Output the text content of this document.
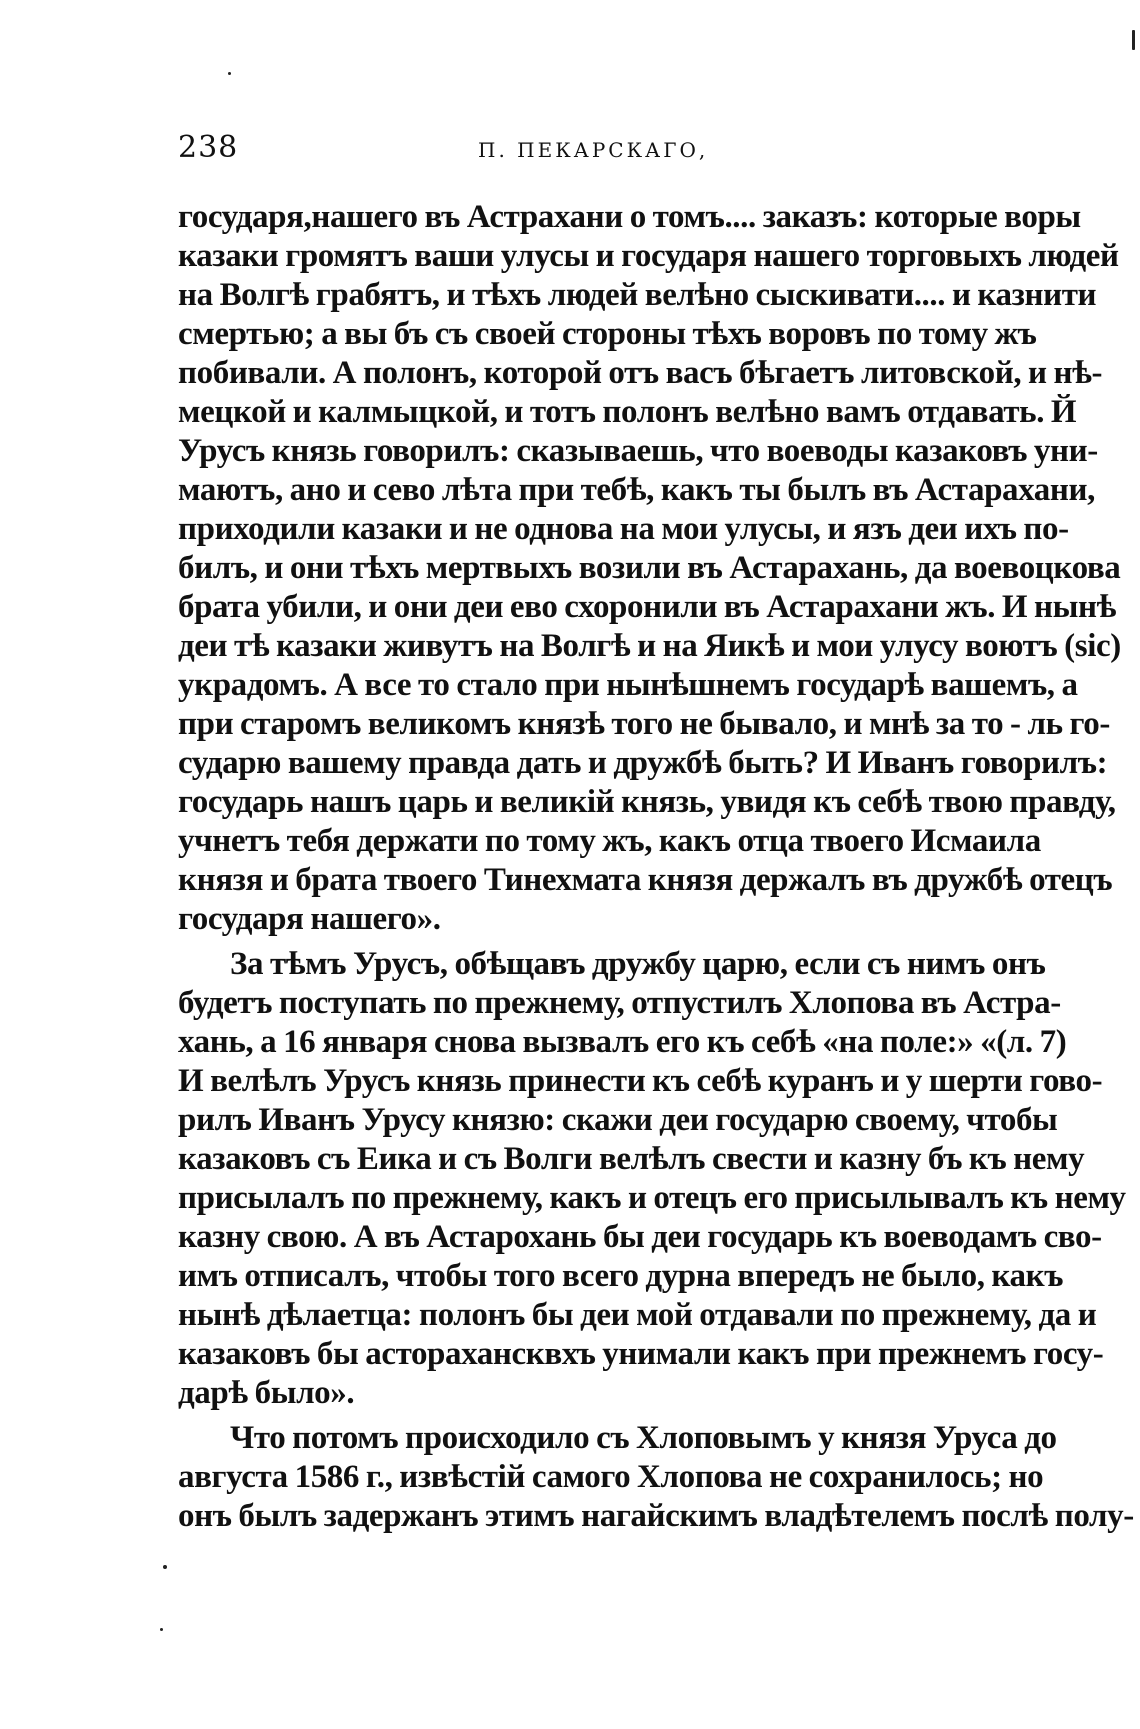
238	П. ПЕКАРСКАГО,
государя,нашего въ Астрахани о томъ.... заказъ: которые воры
казаки громятъ ваши улусы и государя нашего торговыхъ людей
на Волгѣ грабятъ, и тѣхъ людей велѣно сыскивати.... и казнити
смертью; а вы бъ съ своей стороны тѣхъ воровъ по тому жъ
побивали. А полонъ, которой отъ васъ бѣгаетъ литовской, и нѣ-
мецкой и калмыцкой, и тотъ полонъ велѣно вамъ отдавать. Й
Урусъ князь говорилъ: сказываешь, что воеводы казаковъ уни-
маютъ, ано и сево лѣта при тебѣ, какъ ты былъ въ Астарахани,
приходили казаки и не однова на мои улусы, и язъ деи ихъ по-
билъ, и они тѣхъ мертвыхъ возили въ Астарахань, да воевоцкова
брата убили, и они деи ево схоронили въ Астарахани жъ. И нынѣ
деи тѣ казаки живутъ на Волгѣ и на Яикѣ и мои улусу воютъ (sic)
украдомъ. А все то стало при нынѣшнемъ государѣ вашемъ, а
при старомъ великомъ князѣ того не бывало, и мнѣ за то - ль го-
сударю вашему правда дать и дружбѣ быть? И Иванъ говорилъ:
государь нашъ царь и великій князь, увидя къ себѣ твою правду,
учнетъ тебя держати по тому жъ, какъ отца твоего Исмаила
князя и брата твоего Тинехмата князя держалъ въ дружбѣ отецъ
государя нашего».
За тѣмъ Урусъ, обѣщавъ дружбу царю, если съ нимъ онъ
будетъ поступать по прежнему, отпустилъ Хлопова въ Астра-
хань, а 16 января снова вызвалъ его къ себѣ «на поле:» «(л. 7)
И велѣлъ Урусъ князь принести къ себѣ куранъ и у шерти гово-
рилъ Иванъ Урусу князю: скажи деи государю своему, чтобы
казаковъ съ Еика и съ Волги велѣлъ свести и казну бъ къ нему
присылалъ по прежнему, какъ и отецъ его присылывалъ къ нему
казну свою. А въ Астарохань бы деи государь къ воеводамъ сво-
имъ отписалъ, чтобы того всего дурна впередъ не было, какъ
нынѣ дѣлаетца: полонъ бы деи мой отдавали по прежнему, да и
казаковъ бы асторахансквхъ унимали какъ при прежнемъ госу-
дарѣ было».
Что потомъ происходило съ Хлоповымъ у князя Уруса до
августа 1586 г., извѣстій самого Хлопова не сохранилось; но
онъ былъ задержанъ этимъ нагайскимъ владѣтелемъ послѣ полу-
